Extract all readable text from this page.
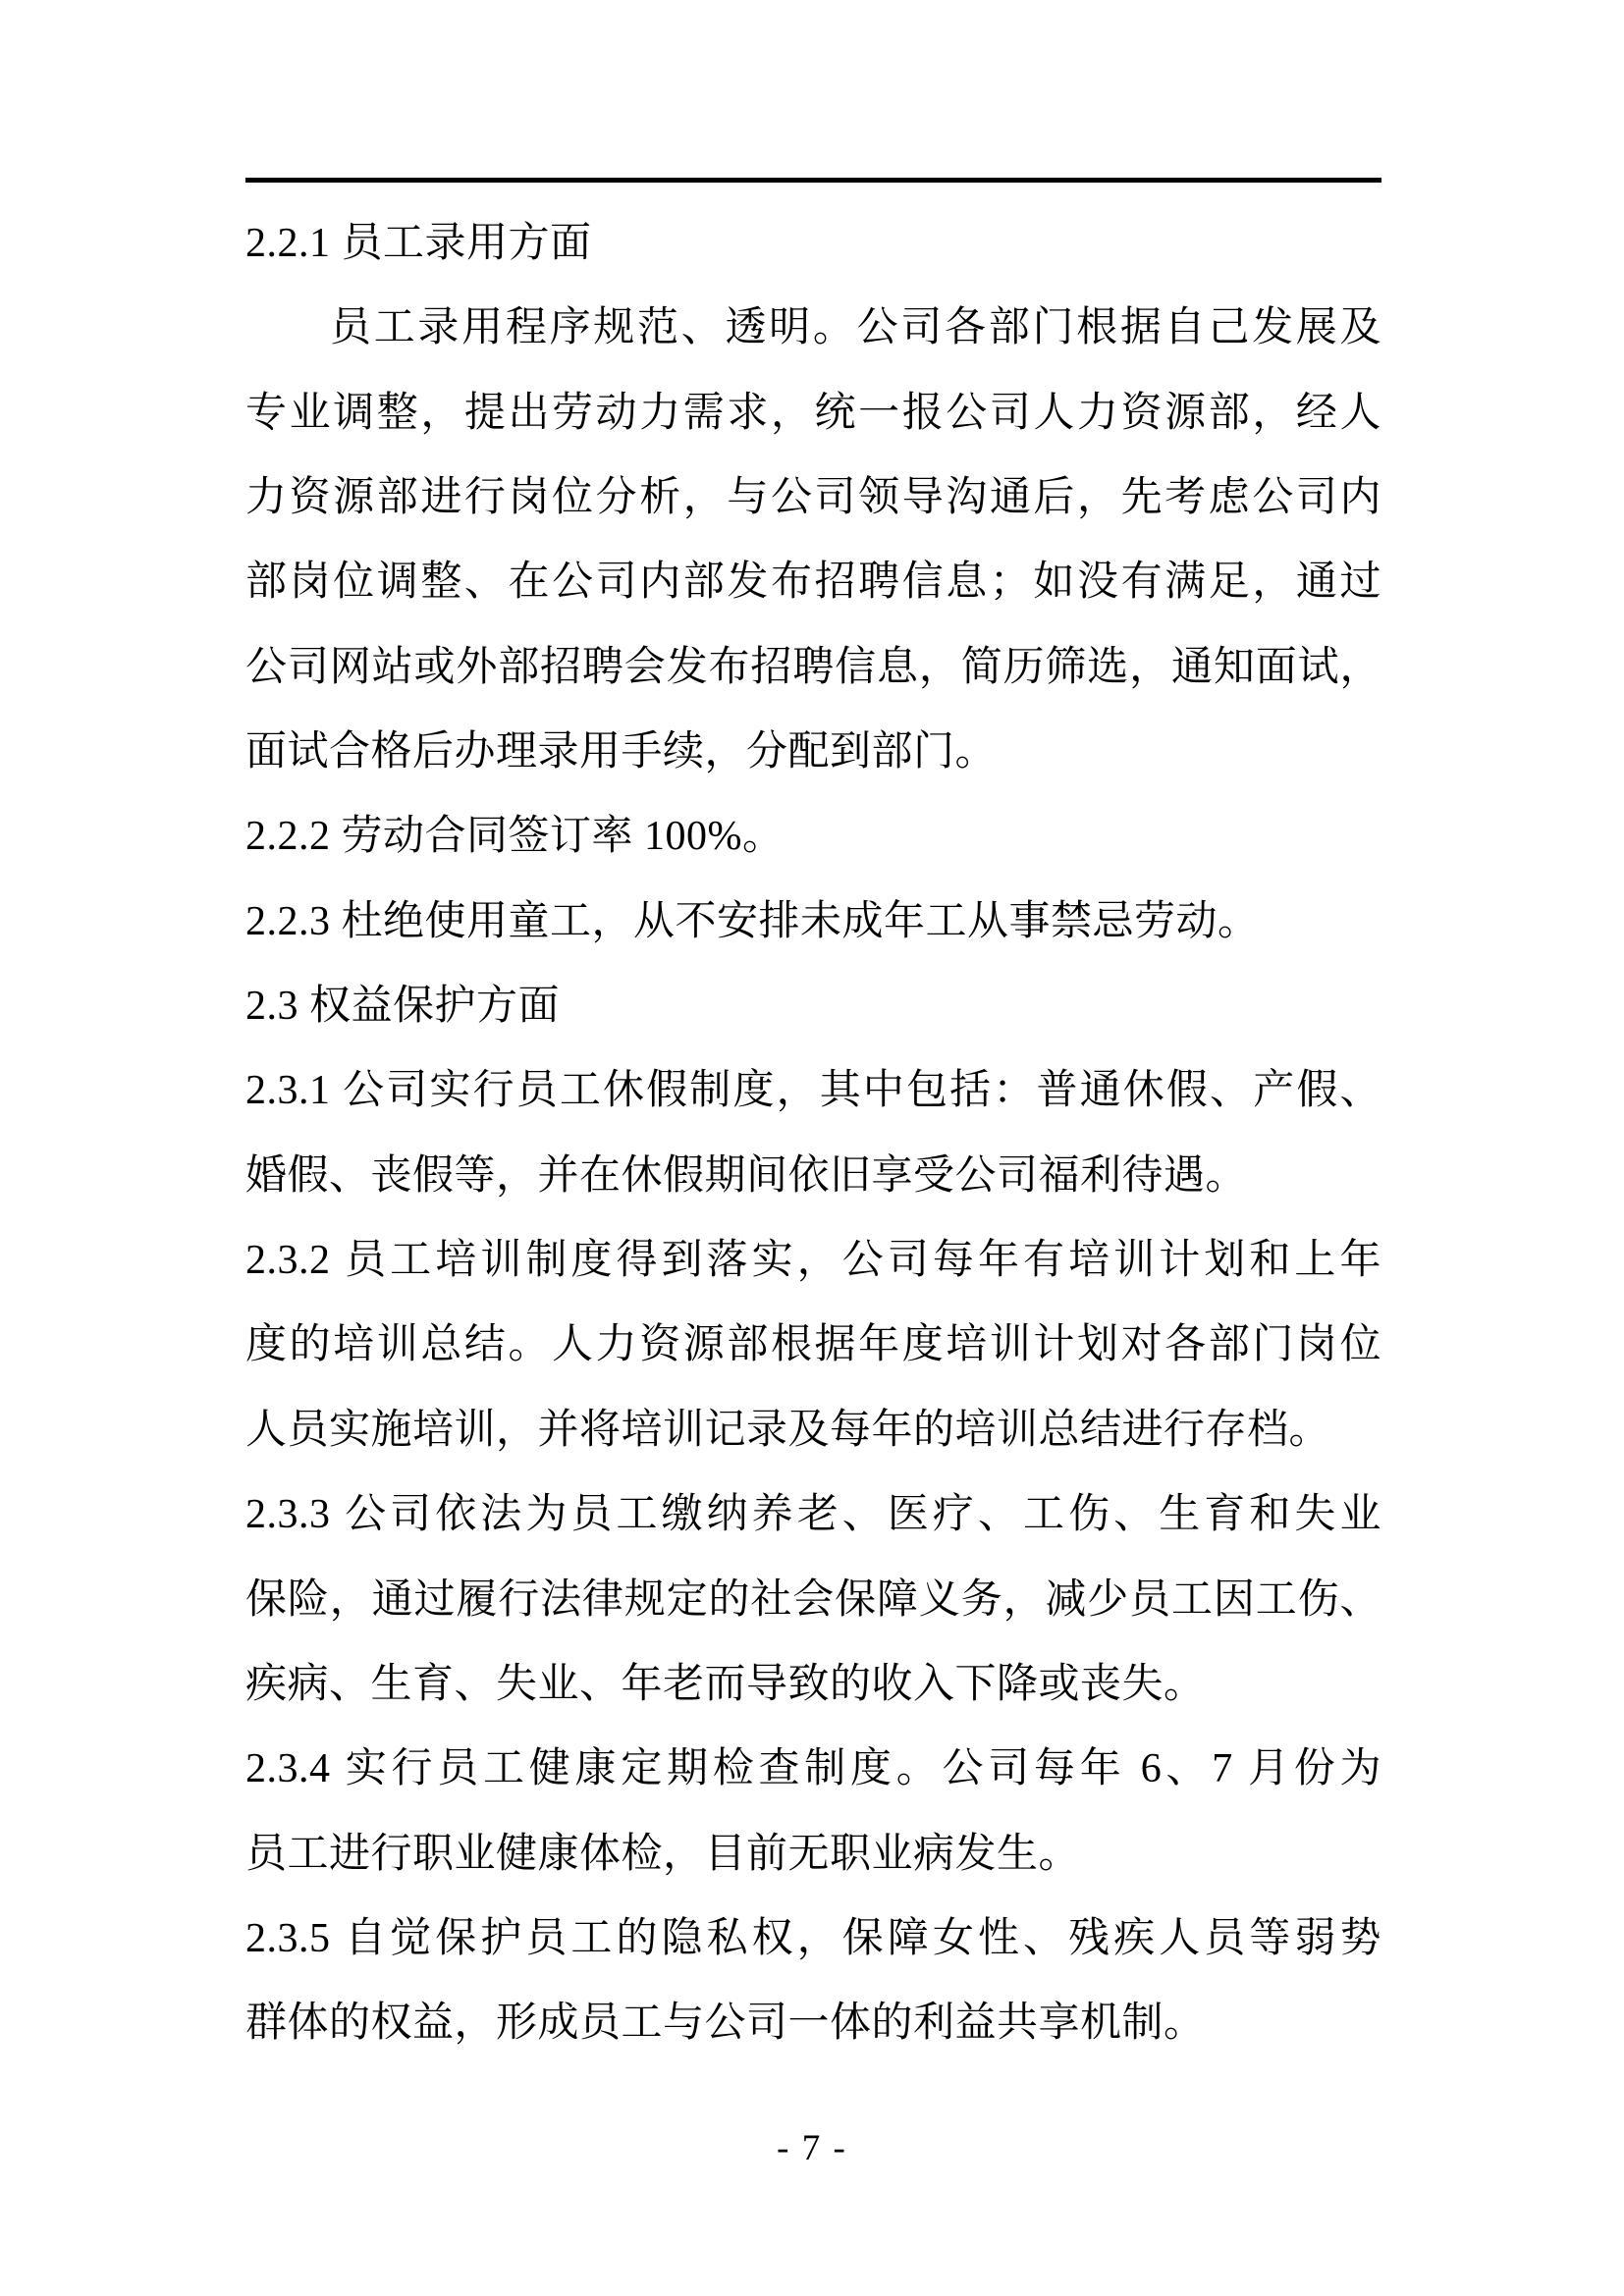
2.2.1 员工录用方面
员工录用程序规范、透明。公司各部门根据自己发展及
专业调整，提出劳动力需求，统一报公司人力资源部，经人
力资源部进行岗位分析，与公司领导沟通后，先考虑公司内
部岗位调整、在公司内部发布招聘信息；如没有满足，通过
公司网站或外部招聘会发布招聘信息，简历筛选，通知面试，
面试合格后办理录用手续，分配到部门。
2.2.2 劳动合同签订率 100%。
2.2.3 杜绝使用童工，从不安排未成年工从事禁忌劳动。
2.3 权益保护方面
2.3.1 公司实行员工休假制度，其中包括：普通休假、产假、
婚假、丧假等，并在休假期间依旧享受公司福利待遇。
2.3.2 员工培训制度得到落实，公司每年有培训计划和上年
度的培训总结。人力资源部根据年度培训计划对各部门岗位
人员实施培训，并将培训记录及每年的培训总结进行存档。
2.3.3 公司依法为员工缴纳养老、医疗、工伤、生育和失业
保险，通过履行法律规定的社会保障义务，减少员工因工伤、
疾病、生育、失业、年老而导致的收入下降或丧失。
2.3.4 实行员工健康定期检查制度。公司每年 6、7 月份为
员工进行职业健康体检，目前无职业病发生。
2.3.5 自觉保护员工的隐私权，保障女性、残疾人员等弱势
群体的权益，形成员工与公司一体的利益共享机制。
- 7 -
